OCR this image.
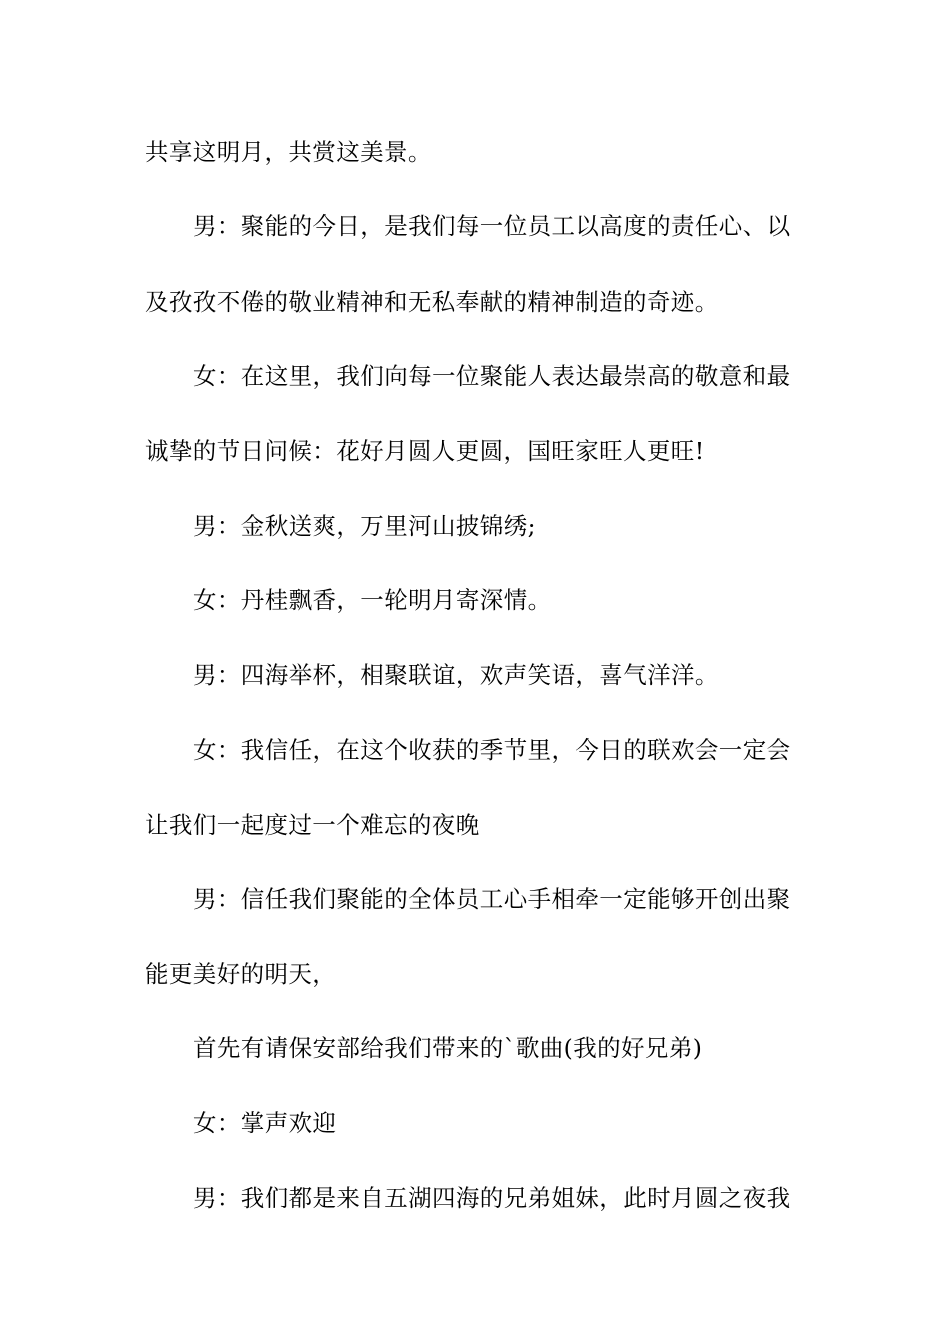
共享这明月，共赏这美景。
男：聚能的今日，是我们每一位员工以高度的责任心、以
及孜孜不倦的敬业精神和无私奉献的精神制造的奇迹。
女：在这里，我们向每一位聚能人表达最崇高的敬意和最
诚挚的节日问候：花好月圆人更圆，国旺家旺人更旺!
男：金秋送爽，万里河山披锦绣;
女：丹桂飘香，一轮明月寄深情。
男：四海举杯，相聚联谊，欢声笑语，喜气洋洋。
女：我信任，在这个收获的季节里，今日的联欢会一定会
让我们一起度过一个难忘的夜晚
男：信任我们聚能的全体员工心手相牵一定能够开创出聚
能更美好的明天，
首先有请保安部给我们带来的`歌曲(我的好兄弟)
女：掌声欢迎
男：我们都是来自五湖四海的兄弟姐妹，此时月圆之夜我
